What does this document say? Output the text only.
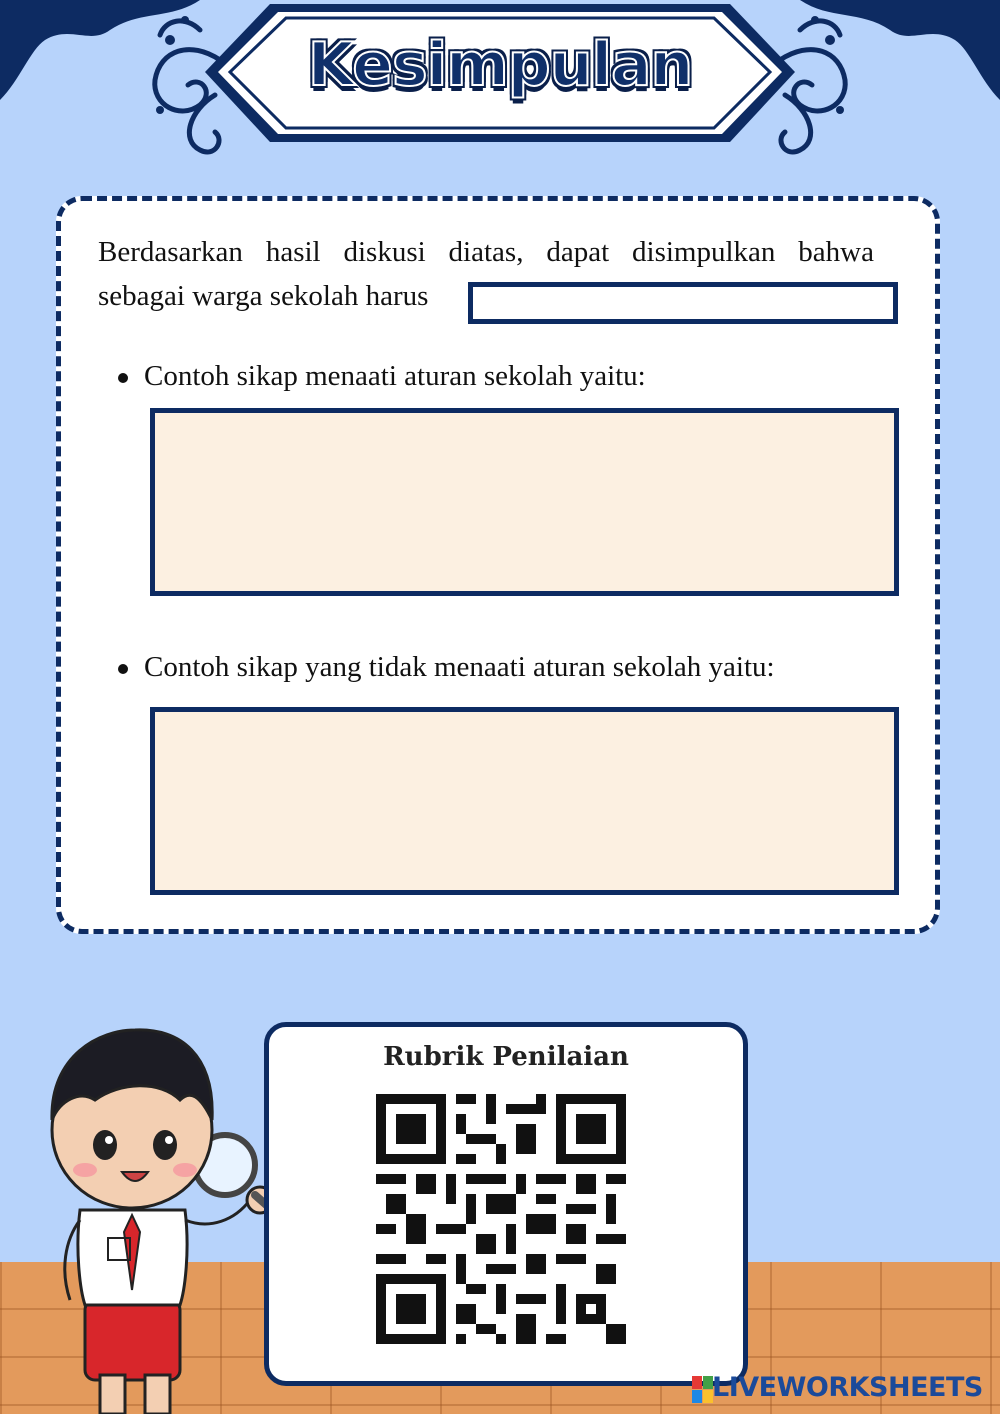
Kesimpulan
Berdasarkan hasil diskusi diatas, dapat disimpulkan bahwa
sebagai warga sekolah harus
Contoh sikap menaati aturan sekolah yaitu:
Contoh sikap yang tidak menaati aturan sekolah yaitu:
Rubrik Penilaian
LIVEWORKSHEETS
